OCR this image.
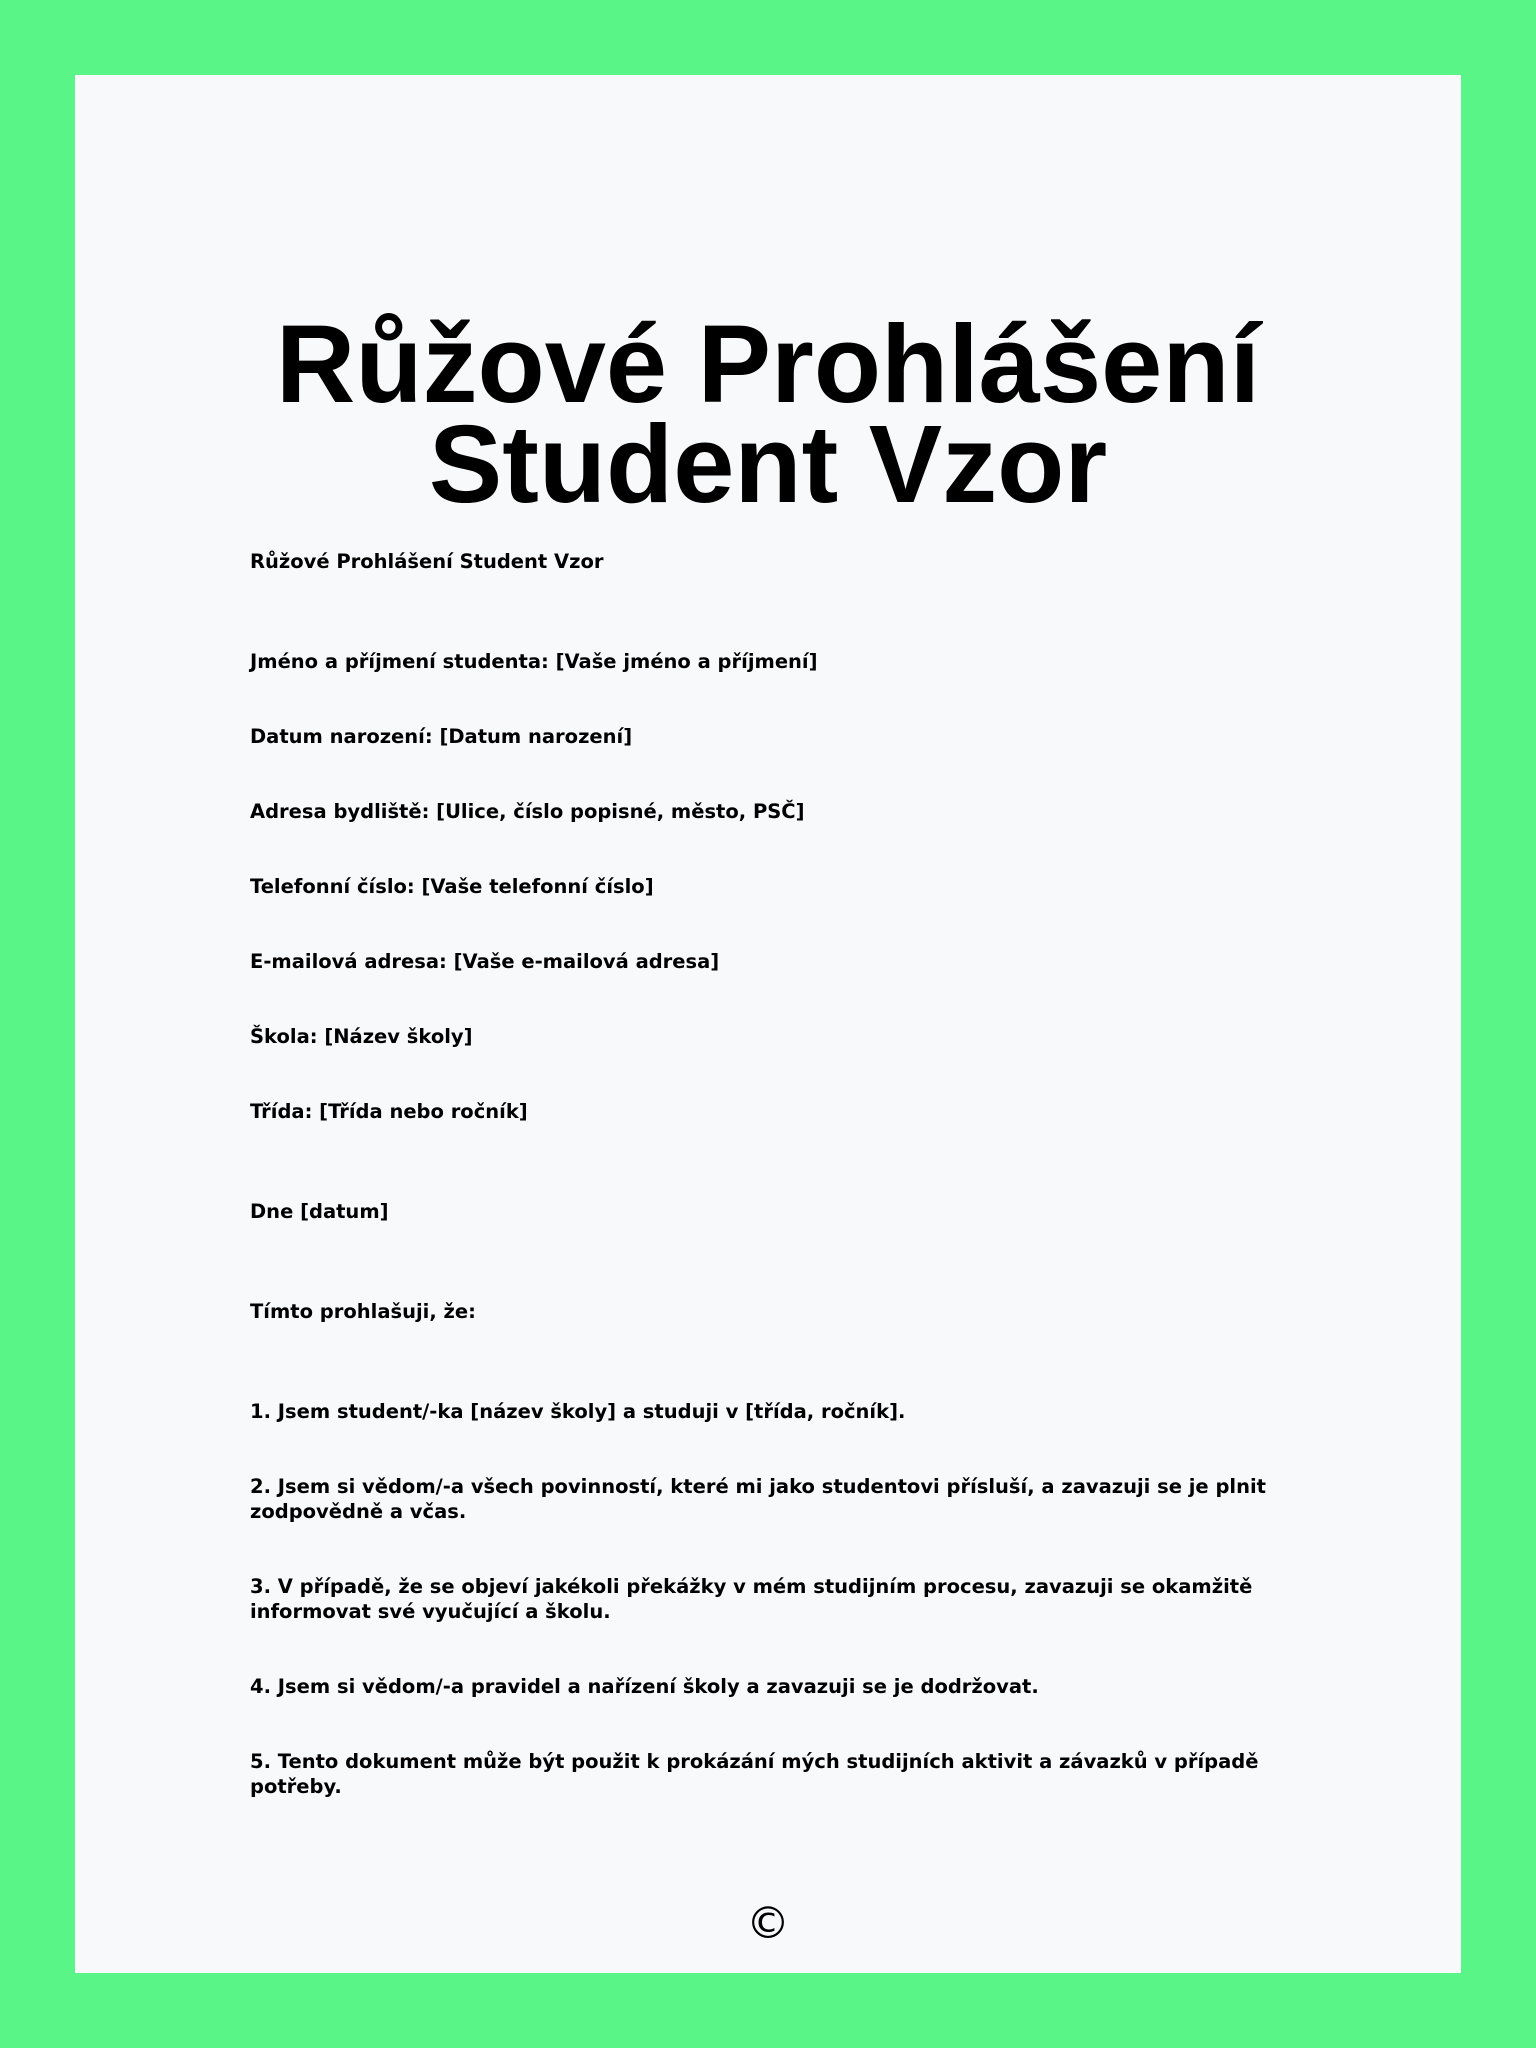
Růžové Prohlášení Student Vzor

Růžové Prohlášení Student Vzor

Jméno a příjmení studenta: [Vaše jméno a příjmení]

Datum narození: [Datum narození]

Adresa bydliště: [Ulice, číslo popisné, město, PSČ]

Telefonní číslo: [Vaše telefonní číslo]

E-mailová adresa: [Vaše e-mailová adresa]

Škola: [Název školy]

Třída: [Třída nebo ročník]

Dne [datum]

Tímto prohlašuji, že:

1. Jsem student/-ka [název školy] a studuji v [třída, ročník].

2. Jsem si vědom/-a všech povinností, které mi jako studentovi přísluší, a zavazuji se je plnit zodpovědně a včas.

3. V případě, že se objeví jakékoli překážky v mém studijním procesu, zavazuji se okamžitě informovat své vyučující a školu.

4. Jsem si vědom/-a pravidel a nařízení školy a zavazuji se je dodržovat.

5. Tento dokument může být použit k prokázání mých studijních aktivit a závazků v případě potřeby.

©
